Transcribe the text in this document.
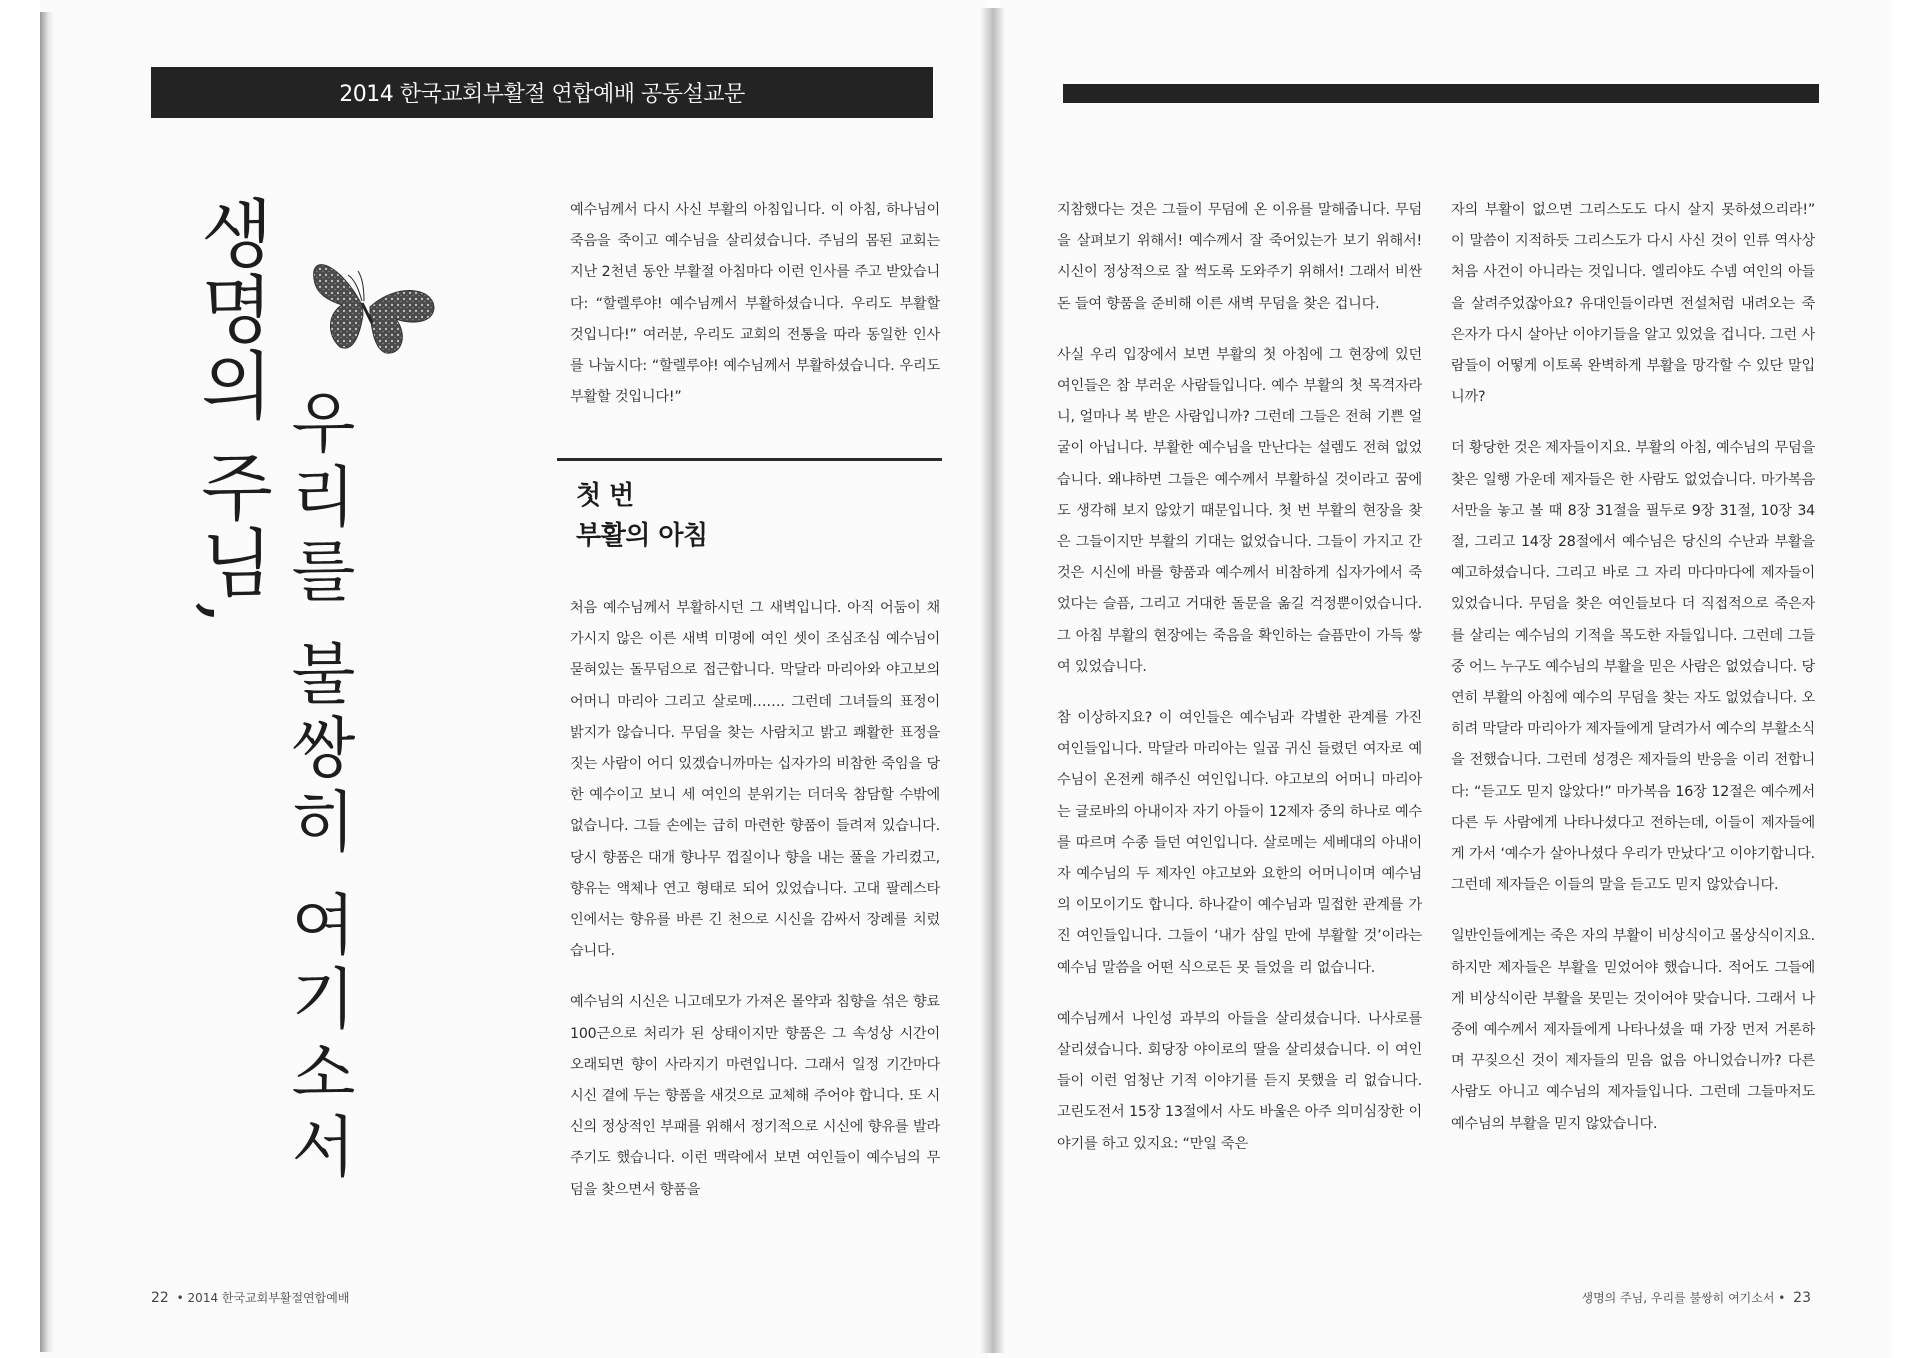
2014 한국교회부활절 연합예배 공동설교문
생명의 주님, 우리를 불쌍히 여기소서

예수님께서 다시 사신 부활의 아침입니다. 이 아침, 하나님이 죽음을 죽이고 예수님을 살리셨습니다. 주님의 몸된 교회는 지난 2천년 동안 부활절 아침마다 이런 인사를 주고 받았습니다: “할렐루야! 예수님께서 부활하셨습니다. 우리도 부활할 것입니다!” 여러분, 우리도 교회의 전통을 따라 동일한 인사를 나눕시다: “할렐루야! 예수님께서 부활하셨습니다. 우리도 부활할 것입니다!”

첫 번
부활의 아침

처음 예수님께서 부활하시던 그 새벽입니다. 아직 어둠이 채 가시지 않은 이른 새벽 미명에 여인 셋이 조심조심 예수님이 묻혀있는 돌무덤으로 접근합니다. 막달라 마리아와 야고보의 어머니 마리아 그리고 살로메……. 그런데 그녀들의 표정이 밝지가 않습니다. 무덤을 찾는 사람치고 밝고 쾌활한 표정을 짓는 사람이 어디 있겠습니까마는 십자가의 비참한 죽임을 당한 예수이고 보니 세 여인의 분위기는 더더욱 참담할 수밖에 없습니다. 그들 손에는 급히 마련한 향품이 들려져 있습니다. 당시 향품은 대개 향나무 껍질이나 향을 내는 풀을 가리켰고, 향유는 액체나 연고 형태로 되어 있었습니다. 고대 팔레스타인에서는 향유를 바른 긴 천으로 시신을 감싸서 장례를 치렀습니다.

예수님의 시신은 니고데모가 가져온 몰약과 침향을 섞은 향료 100근으로 처리가 된 상태이지만 향품은 그 속성상 시간이 오래되면 향이 사라지기 마련입니다. 그래서 일정 기간마다 시신 곁에 두는 향품을 새것으로 교체해 주어야 합니다. 또 시신의 정상적인 부패를 위해서 정기적으로 시신에 향유를 발라주기도 했습니다. 이런 맥락에서 보면 여인들이 예수님의 무덤을 찾으면서 향품을

지참했다는 것은 그들이 무덤에 온 이유를 말해줍니다. 무덤을 살펴보기 위해서! 예수께서 잘 죽어있는가 보기 위해서! 시신이 정상적으로 잘 썩도록 도와주기 위해서! 그래서 비싼 돈 들여 향품을 준비해 이른 새벽 무덤을 찾은 겁니다.

사실 우리 입장에서 보면 부활의 첫 아침에 그 현장에 있던 여인들은 참 부러운 사람들입니다. 예수 부활의 첫 목격자라니, 얼마나 복 받은 사람입니까? 그런데 그들은 전혀 기쁜 얼굴이 아닙니다. 부활한 예수님을 만난다는 설렘도 전혀 없었습니다. 왜냐하면 그들은 예수께서 부활하실 것이라고 꿈에도 생각해 보지 않았기 때문입니다. 첫 번 부활의 현장을 찾은 그들이지만 부활의 기대는 없었습니다. 그들이 가지고 간 것은 시신에 바를 향품과 예수께서 비참하게 십자가에서 죽었다는 슬픔, 그리고 거대한 돌문을 옮길 걱정뿐이었습니다. 그 아침 부활의 현장에는 죽음을 확인하는 슬픔만이 가득 쌓여 있었습니다.

참 이상하지요? 이 여인들은 예수님과 각별한 관계를 가진 여인들입니다. 막달라 마리아는 일곱 귀신 들렸던 여자로 예수님이 온전케 해주신 여인입니다. 야고보의 어머니 마리아는 글로바의 아내이자 자기 아들이 12제자 중의 하나로 예수를 따르며 수종 들던 여인입니다. 살로메는 세베대의 아내이자 예수님의 두 제자인 야고보와 요한의 어머니이며 예수님의 이모이기도 합니다. 하나같이 예수님과 밀접한 관계를 가진 여인들입니다. 그들이 ‘내가 삼일 만에 부활할 것’이라는 예수님 말씀을 어떤 식으로든 못 들었을 리 없습니다.

예수님께서 나인성 과부의 아들을 살리셨습니다. 나사로를 살리셨습니다. 회당장 야이로의 딸을 살리셨습니다. 이 여인들이 이런 엄청난 기적 이야기를 듣지 못했을 리 없습니다. 고린도전서 15장 13절에서 사도 바울은 아주 의미심장한 이야기를 하고 있지요: “만일 죽은

자의 부활이 없으면 그리스도도 다시 살지 못하셨으리라!” 이 말씀이 지적하듯 그리스도가 다시 사신 것이 인류 역사상 처음 사건이 아니라는 것입니다. 엘리야도 수넴 여인의 아들을 살려주었잖아요? 유대인들이라면 전설처럼 내려오는 죽은자가 다시 살아난 이야기들을 알고 있었을 겁니다. 그런 사람들이 어떻게 이토록 완벽하게 부활을 망각할 수 있단 말입니까?

더 황당한 것은 제자들이지요. 부활의 아침, 예수님의 무덤을 찾은 일행 가운데 제자들은 한 사람도 없었습니다. 마가복음서만을 놓고 볼 때 8장 31절을 필두로 9장 31절, 10장 34절, 그리고 14장 28절에서 예수님은 당신의 수난과 부활을 예고하셨습니다. 그리고 바로 그 자리 마다마다에 제자들이 있었습니다. 무덤을 찾은 여인들보다 더 직접적으로 죽은자를 살리는 예수님의 기적을 목도한 자들입니다. 그런데 그들 중 어느 누구도 예수님의 부활을 믿은 사람은 없었습니다. 당연히 부활의 아침에 예수의 무덤을 찾는 자도 없었습니다. 오히려 막달라 마리아가 제자들에게 달려가서 예수의 부활소식을 전했습니다. 그런데 성경은 제자들의 반응을 이리 전합니다: “듣고도 믿지 않았다!” 마가복음 16장 12절은 예수께서 다른 두 사람에게 나타나셨다고 전하는데, 이들이 제자들에게 가서 ‘예수가 살아나셨다 우리가 만났다’고 이야기합니다. 그런데 제자들은 이들의 말을 듣고도 믿지 않았습니다.

일반인들에게는 죽은 자의 부활이 비상식이고 몰상식이지요. 하지만 제자들은 부활을 믿었어야 했습니다. 적어도 그들에게 비상식이란 부활을 못믿는 것이어야 맞습니다. 그래서 나중에 예수께서 제자들에게 나타나셨을 때 가장 먼저 거론하며 꾸짖으신 것이 제자들의 믿음 없음 아니었습니까? 다른 사람도 아니고 예수님의 제자들입니다. 그런데 그들마저도 예수님의 부활을 믿지 않았습니다.

22 • 2014 한국교회부활절연합예배	생명의 주님, 우리를 불쌍히 여기소서 • 23
